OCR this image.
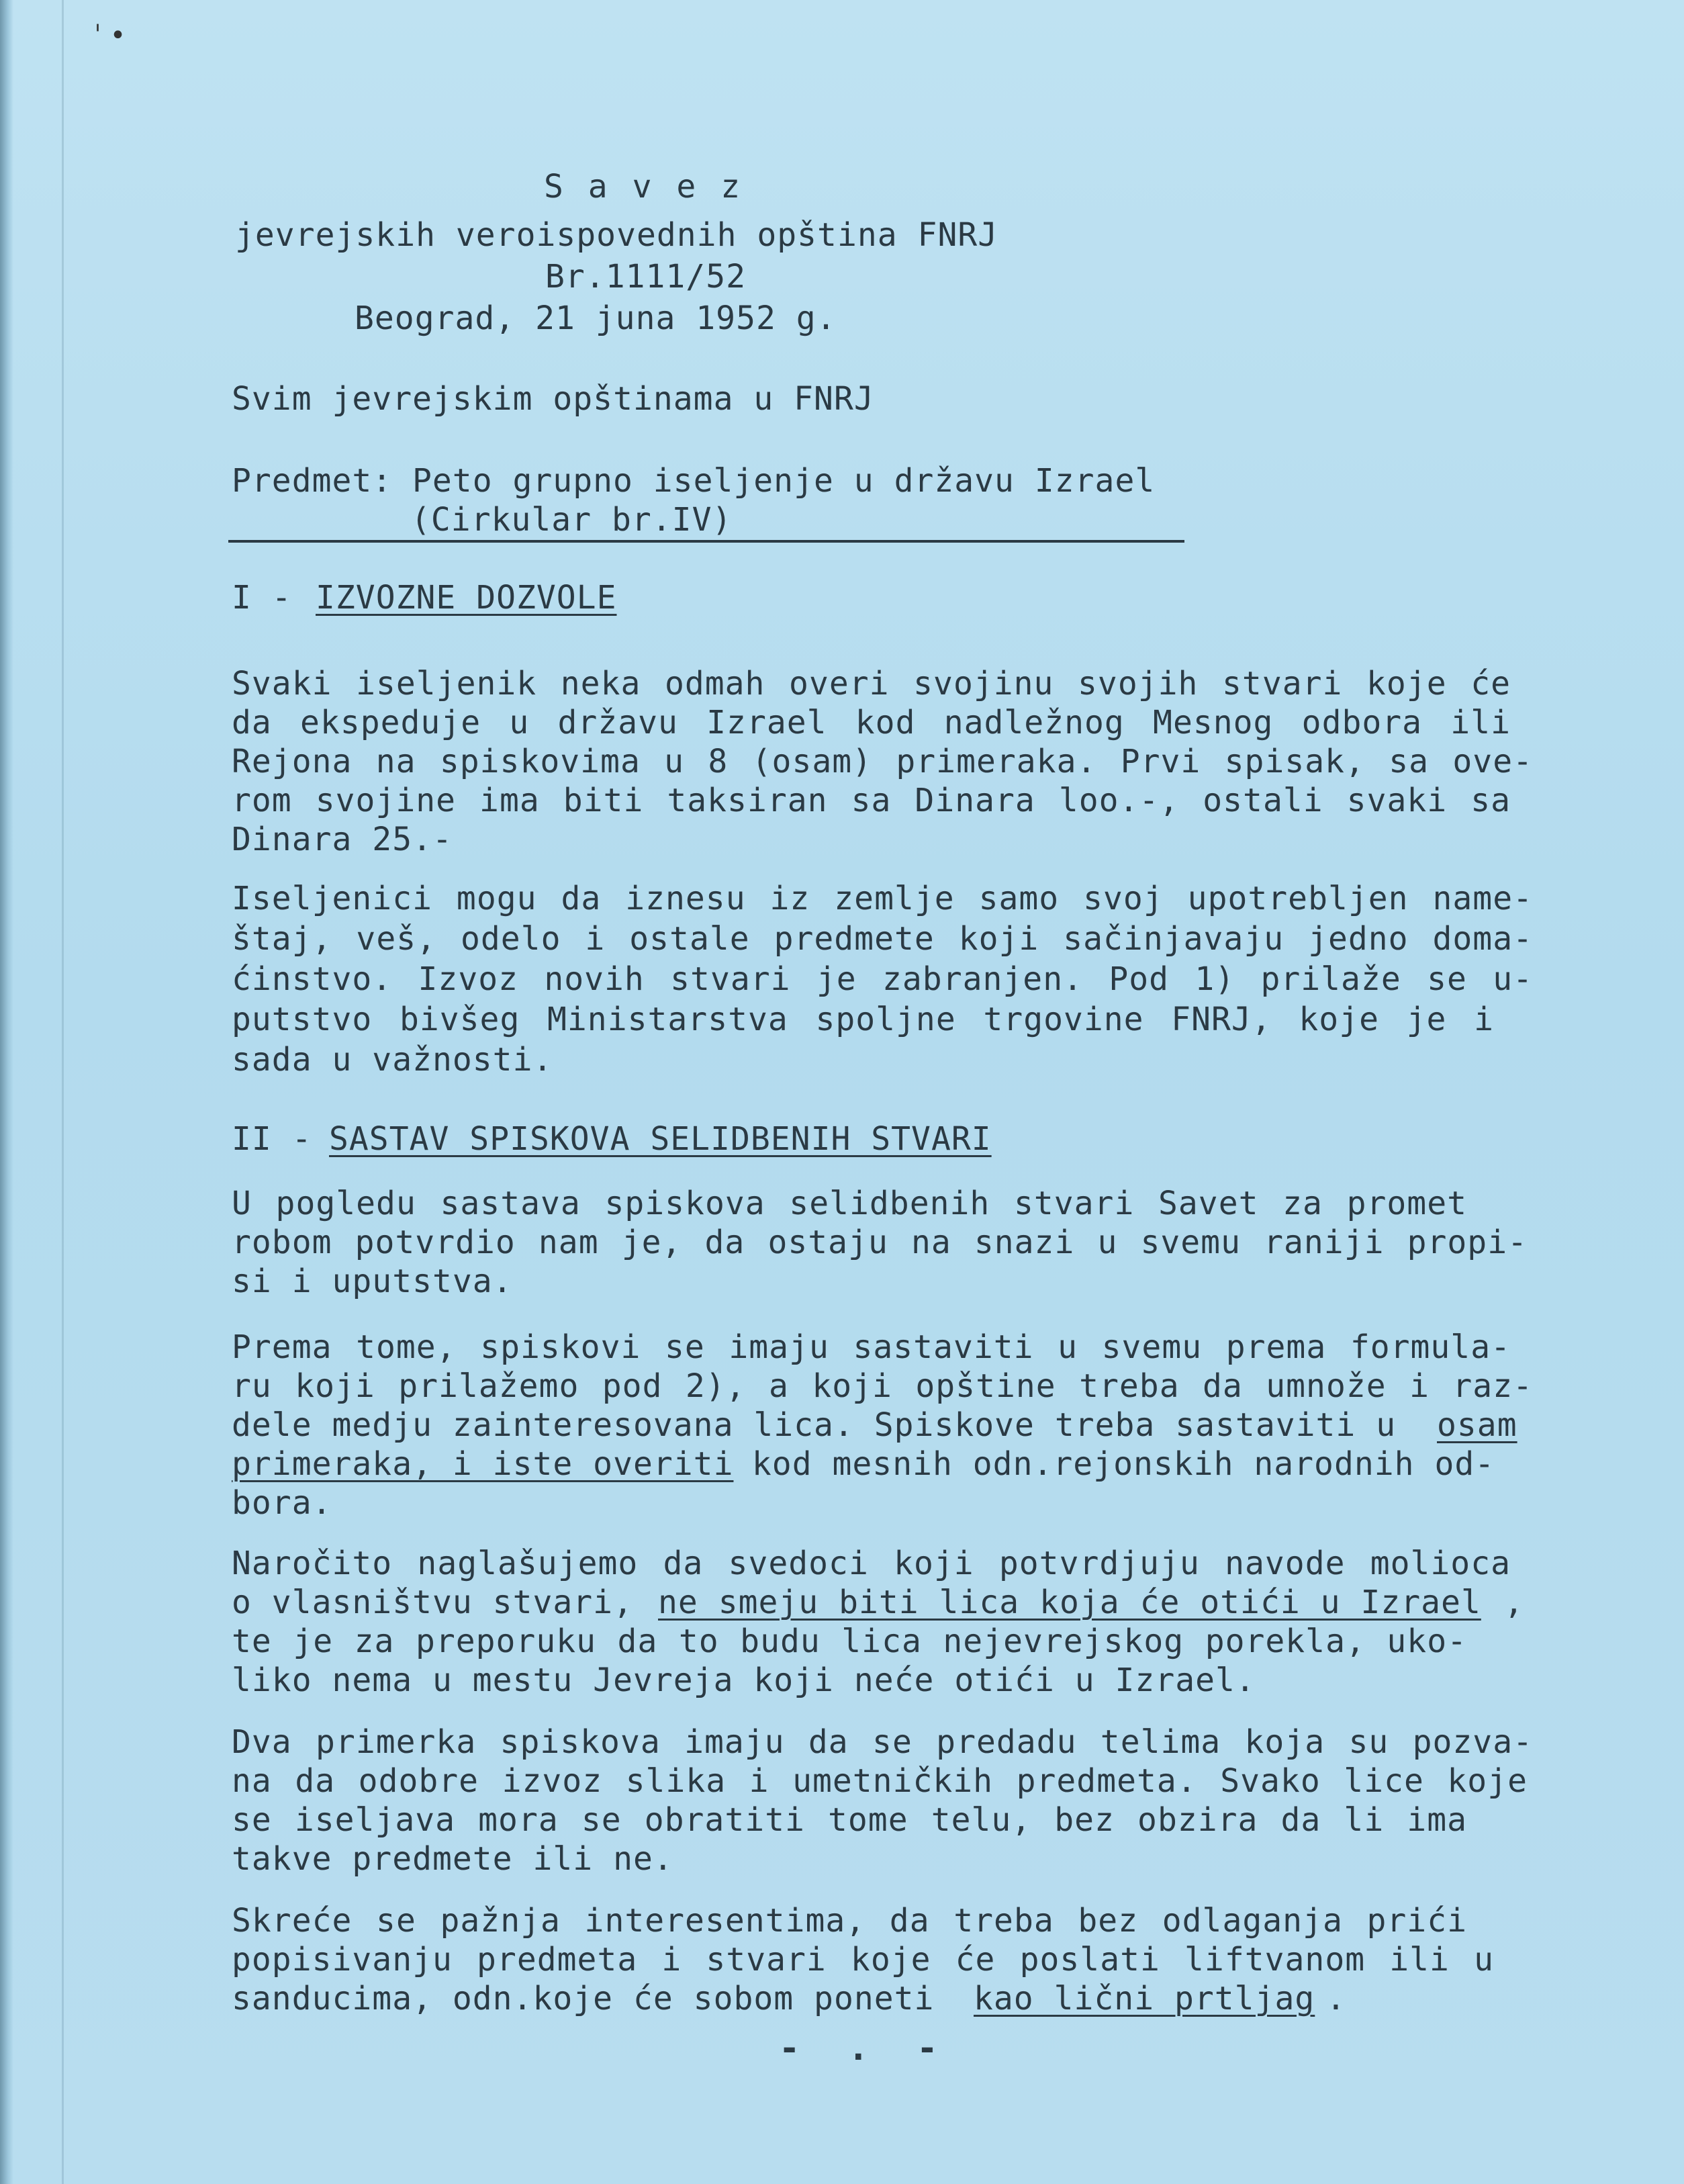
ˈ •
S a v e z
jevrejskih veroispovednih opština FNRJ
Br.1111/52
Beograd, 21 juna 1952 g.
Svim jevrejskim opštinama u FNRJ
Predmet: Peto grupno iseljenje u državu Izrael
(Cirkular br.IV)
I - IZVOZNE DOZVOLE
Svaki iseljenik neka odmah overi svojinu svojih stvari koje će
da ekspeduje u državu Izrael kod nadležnog Mesnog odbora ili
Rejona na spiskovima u 8 (osam) primeraka. Prvi spisak, sa ove-
rom svojine ima biti taksiran sa Dinara loo.-, ostali svaki sa
Dinara 25.-
Iseljenici mogu da iznesu iz zemlje samo svoj upotrebljen name-
štaj, veš, odelo i ostale predmete koji sačinjavaju jedno doma-
ćinstvo. Izvoz novih stvari je zabranjen. Pod 1) prilaže se u-
putstvo bivšeg Ministarstva spoljne trgovine FNRJ, koje je i
sada u važnosti.
II - SASTAV SPISKOVA SELIDBENIH STVARI
U pogledu sastava spiskova selidbenih stvari Savet za promet
robom potvrdio nam je, da ostaju na snazi u svemu raniji propi-
si i uputstva.
Prema tome, spiskovi se imaju sastaviti u svemu prema formula-
ru koji prilažemo pod 2), a koji opštine treba da umnože i raz-
dele medju zainteresovana lica. Spiskove treba sastaviti u osam
primeraka, i iste overiti
kod mesnih odn.rejonskih narodnih od-
bora.
Naročito naglašujemo da svedoci koji potvrdjuju navode molioca
o vlasništvu stvari, ne smeju biti lica koja će otići u Izrael ,
te je za preporuku da to budu lica nejevrejskog porekla, uko-
liko nema u mestu Jevreja koji neće otići u Izrael.
Dva primerka spiskova imaju da se predadu telima koja su pozva-
na da odobre izvoz slika i umetničkih predmeta. Svako lice koje
se iseljava mora se obratiti tome telu, bez obzira da li ima
takve predmete ili ne.
Skreće se pažnja interesentima, da treba bez odlaganja prići
popisivanju predmeta i stvari koje će poslati liftvanom ili u
sanducima, odn.koje će sobom poneti kao lični prtljag .
- . -
